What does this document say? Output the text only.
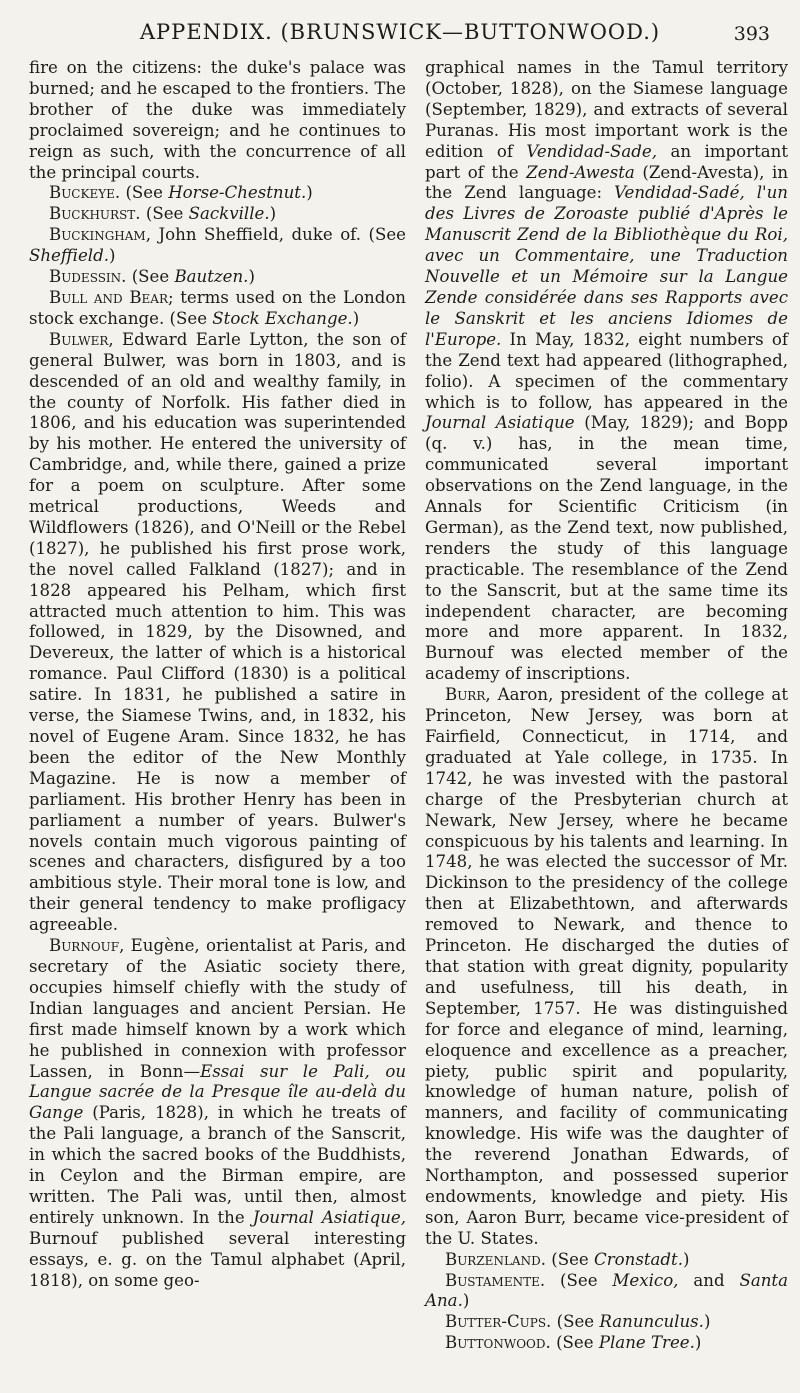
APPENDIX. (BRUNSWICK—BUTTONWOOD.)	393

fire on the citizens: the duke's palace was burned; and he escaped to the frontiers. The brother of the duke was immediately proclaimed sovereign; and he continues to reign as such, with the concurrence of all the principal courts.

Buckeye. (See Horse-Chestnut.)

Buckhurst. (See Sackville.)

Buckingham, John Sheffield, duke of. (See Sheffield.)

Budessin. (See Bautzen.)

Bull and Bear; terms used on the London stock exchange. (See Stock Exchange.)

Bulwer, Edward Earle Lytton, the son of general Bulwer, was born in 1803, and is descended of an old and wealthy family, in the county of Norfolk. His father died in 1806, and his education was superintended by his mother. He entered the university of Cambridge, and, while there, gained a prize for a poem on sculpture. After some metrical productions, Weeds and Wildflowers (1826), and O'Neill or the Rebel (1827), he published his first prose work, the novel called Falkland (1827); and in 1828 appeared his Pelham, which first attracted much attention to him. This was followed, in 1829, by the Disowned, and Devereux, the latter of which is a historical romance. Paul Clifford (1830) is a political satire. In 1831, he published a satire in verse, the Siamese Twins, and, in 1832, his novel of Eugene Aram. Since 1832, he has been the editor of the New Monthly Magazine. He is now a member of parliament. His brother Henry has been in parliament a number of years. Bulwer's novels contain much vigorous painting of scenes and characters, disfigured by a too ambitious style. Their moral tone is low, and their general tendency to make profligacy agreeable.

Burnouf, Eugène, orientalist at Paris, and secretary of the Asiatic society there, occupies himself chiefly with the study of Indian languages and ancient Persian. He first made himself known by a work which he published in connexion with professor Lassen, in Bonn—Essai sur le Pali, ou Langue sacrée de la Presque île au-delà du Gange (Paris, 1828), in which he treats of the Pali language, a branch of the Sanscrit, in which the sacred books of the Buddhists, in Ceylon and the Birman empire, are written. The Pali was, until then, almost entirely unknown. In the Journal Asiatique, Burnouf published several interesting essays, e. g. on the Tamul alphabet (April, 1818), on some geo-

graphical names in the Tamul territory (October, 1828), on the Siamese language (September, 1829), and extracts of several Puranas. His most important work is the edition of Vendidad-Sade, an important part of the Zend-Awesta (Zend-Avesta), in the Zend language: Vendidad-Sadé, l'un des Livres de Zoroaste publié d'Après le Manuscrit Zend de la Bibliothèque du Roi, avec un Commentaire, une Traduction Nouvelle et un Mémoire sur la Langue Zende considérée dans ses Rapports avec le Sanskrit et les anciens Idiomes de l'Europe. In May, 1832, eight numbers of the Zend text had appeared (lithographed, folio). A specimen of the commentary which is to follow, has appeared in the Journal Asiatique (May, 1829); and Bopp (q. v.) has, in the mean time, communicated several important observations on the Zend language, in the Annals for Scientific Criticism (in German), as the Zend text, now published, renders the study of this language practicable. The resemblance of the Zend to the Sanscrit, but at the same time its independent character, are becoming more and more apparent. In 1832, Burnouf was elected member of the academy of inscriptions.

Burr, Aaron, president of the college at Princeton, New Jersey, was born at Fairfield, Connecticut, in 1714, and graduated at Yale college, in 1735. In 1742, he was invested with the pastoral charge of the Presbyterian church at Newark, New Jersey, where he became conspicuous by his talents and learning. In 1748, he was elected the successor of Mr. Dickinson to the presidency of the college then at Elizabethtown, and afterwards removed to Newark, and thence to Princeton. He discharged the duties of that station with great dignity, popularity and usefulness, till his death, in September, 1757. He was distinguished for force and elegance of mind, learning, eloquence and excellence as a preacher, piety, public spirit and popularity, knowledge of human nature, polish of manners, and facility of communicating knowledge. His wife was the daughter of the reverend Jonathan Edwards, of Northampton, and possessed superior endowments, knowledge and piety. His son, Aaron Burr, became vice-president of the U. States.

Burzenland. (See Cronstadt.)

Bustamente. (See Mexico, and Santa Ana.)

Butter-Cups. (See Ranunculus.)

Buttonwood. (See Plane Tree.)
